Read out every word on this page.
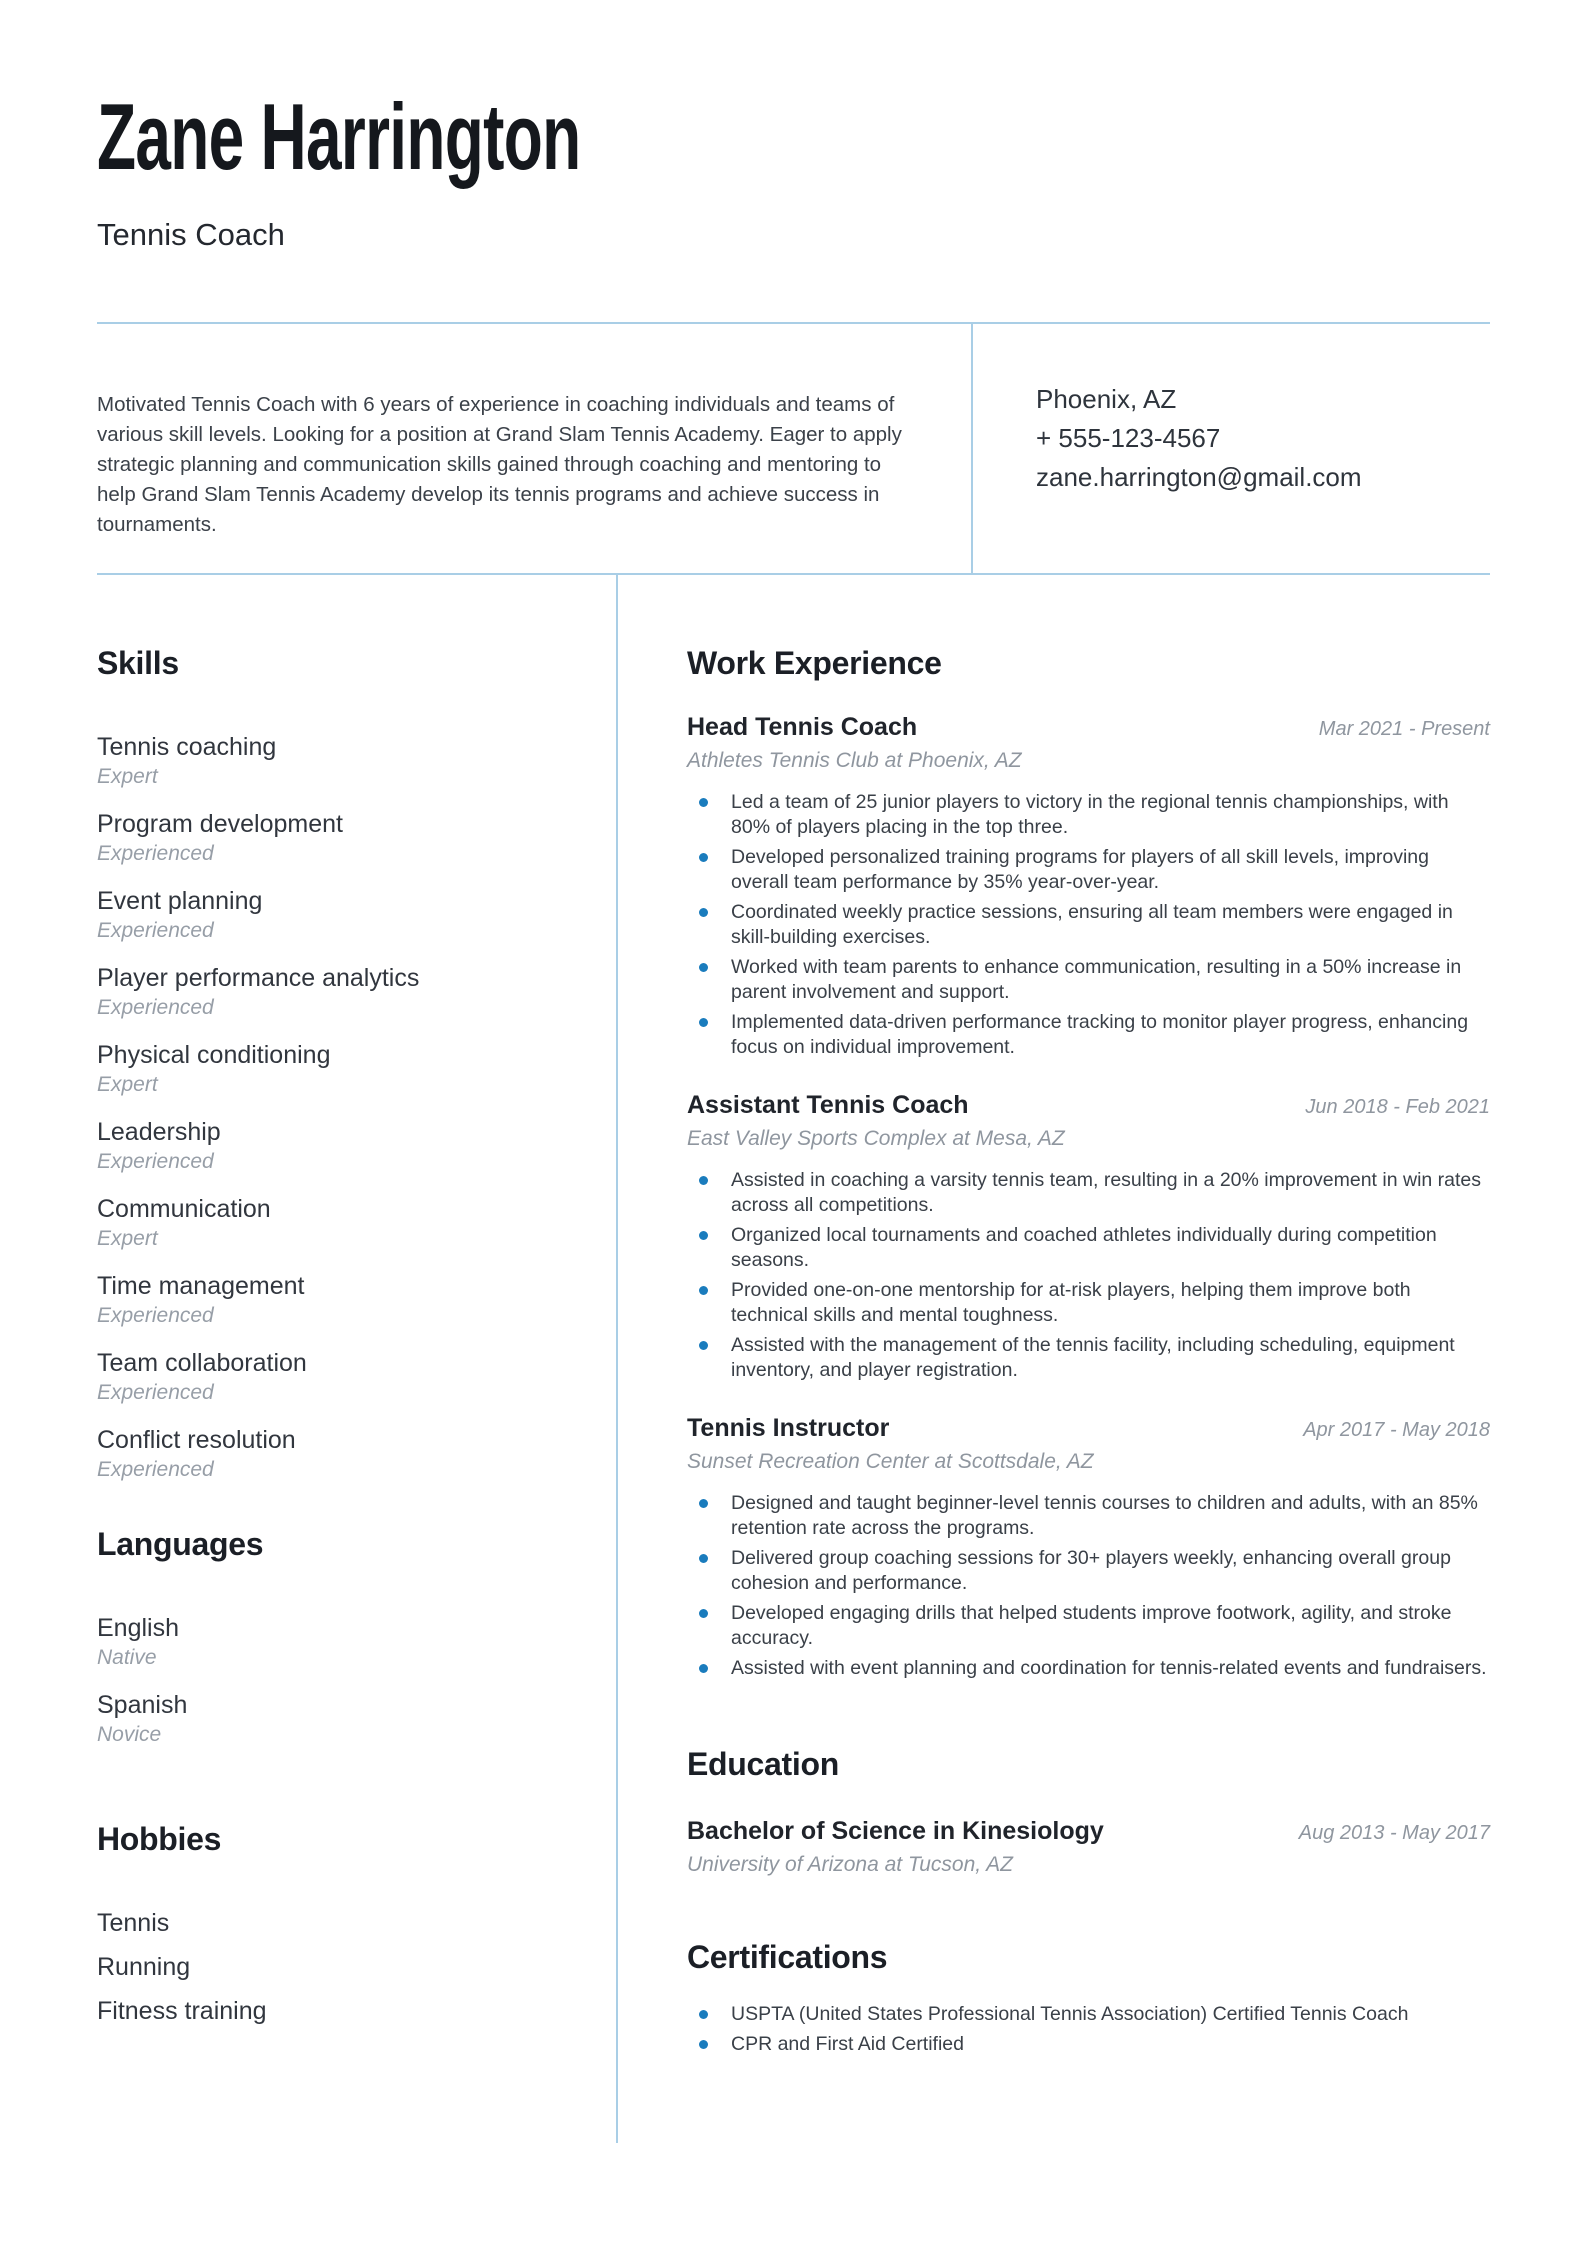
Zane Harrington
Tennis Coach
Motivated Tennis Coach with 6 years of experience in coaching individuals and teams of various skill levels. Looking for a position at Grand Slam Tennis Academy. Eager to apply strategic planning and communication skills gained through coaching and mentoring to help Grand Slam Tennis Academy develop its tennis programs and achieve success in tournaments.
Phoenix, AZ
+ 555-123-4567
zane.harrington@gmail.com
Skills
Tennis coaching
Expert
Program development
Experienced
Event planning
Experienced
Player performance analytics
Experienced
Physical conditioning
Expert
Leadership
Experienced
Communication
Expert
Time management
Experienced
Team collaboration
Experienced
Conflict resolution
Experienced
Languages
English
Native
Spanish
Novice
Hobbies
Tennis
Running
Fitness training
Work Experience
Head Tennis Coach	Mar 2021 - Present
Athletes Tennis Club at Phoenix, AZ
Led a team of 25 junior players to victory in the regional tennis championships, with 80% of players placing in the top three.
Developed personalized training programs for players of all skill levels, improving overall team performance by 35% year-over-year.
Coordinated weekly practice sessions, ensuring all team members were engaged in skill-building exercises.
Worked with team parents to enhance communication, resulting in a 50% increase in parent involvement and support.
Implemented data-driven performance tracking to monitor player progress, enhancing focus on individual improvement.
Assistant Tennis Coach	Jun 2018 - Feb 2021
East Valley Sports Complex at Mesa, AZ
Assisted in coaching a varsity tennis team, resulting in a 20% improvement in win rates across all competitions.
Organized local tournaments and coached athletes individually during competition seasons.
Provided one-on-one mentorship for at-risk players, helping them improve both technical skills and mental toughness.
Assisted with the management of the tennis facility, including scheduling, equipment inventory, and player registration.
Tennis Instructor	Apr 2017 - May 2018
Sunset Recreation Center at Scottsdale, AZ
Designed and taught beginner-level tennis courses to children and adults, with an 85% retention rate across the programs.
Delivered group coaching sessions for 30+ players weekly, enhancing overall group cohesion and performance.
Developed engaging drills that helped students improve footwork, agility, and stroke accuracy.
Assisted with event planning and coordination for tennis-related events and fundraisers.
Education
Bachelor of Science in Kinesiology	Aug 2013 - May 2017
University of Arizona at Tucson, AZ
Certifications
USPTA (United States Professional Tennis Association) Certified Tennis Coach
CPR and First Aid Certified
